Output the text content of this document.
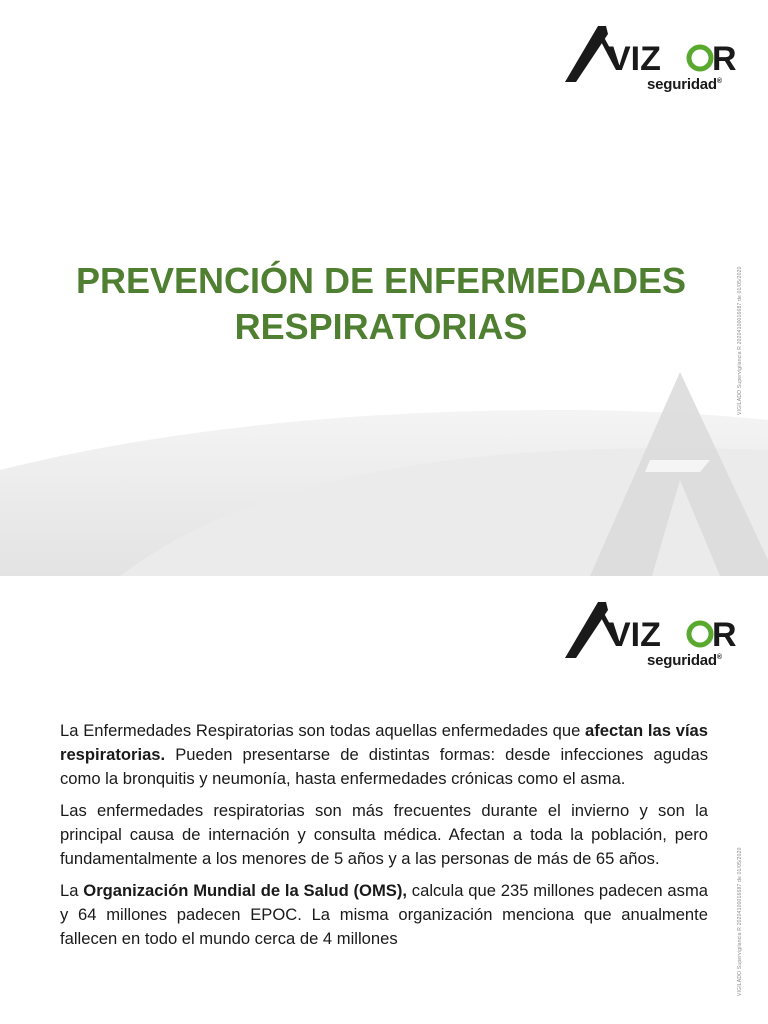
VIZ R
seguridad®
VIGILADO Supervigilancia R 20204100016687 de 01/05/2020
PREVENCIÓN DE ENFERMEDADES
RESPIRATORIAS
VIZ R
seguridad®
VIGILADO Supervigilancia R 20204100016687 de 01/05/2020

La Enfermedades Respiratorias son todas aquellas enfermedades que afectan las vías respiratorias. Pueden presentarse de distintas formas: desde infecciones agudas como la bronquitis y neumonía, hasta enfermedades crónicas como el asma.

Las enfermedades respiratorias son más frecuentes durante el invierno y son la principal causa de internación y consulta médica. Afectan a toda la población, pero fundamentalmente a los menores de 5 años y a las personas de más de 65 años.

La Organización Mundial de la Salud (OMS), calcula que 235 millones padecen asma y 64 millones padecen EPOC. La misma organización menciona que anualmente fallecen en todo el mundo cerca de 4 millones
